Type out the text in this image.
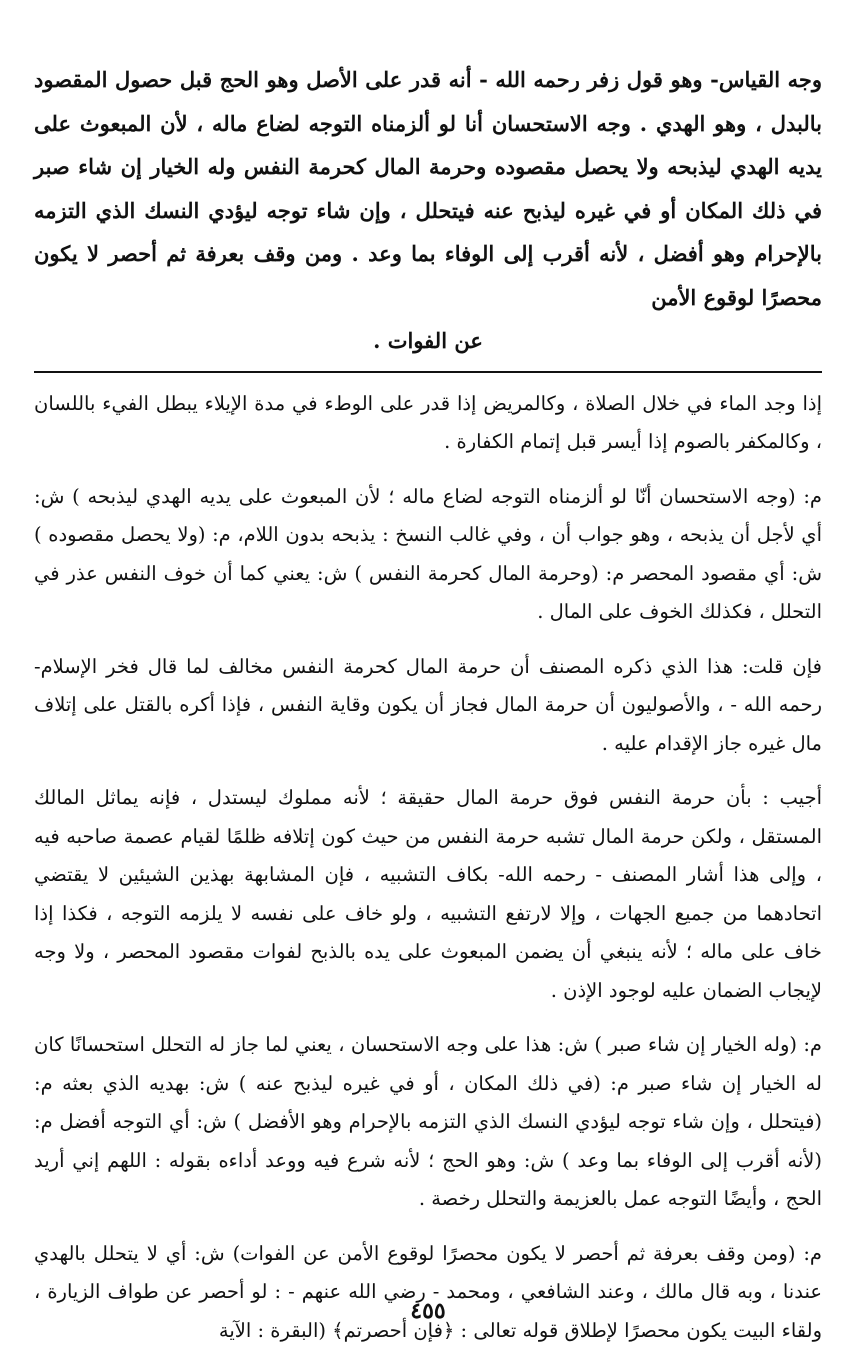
وجه القياس- وهو قول زفر رحمه الله - أنه قدر على الأصل وهو الحج قبل حصول المقصود بالبدل ، وهو الهدي . وجه الاستحسان أنا لو ألزمناه التوجه لضاع ماله ، لأن المبعوث على يديه الهدي ليذبحه ولا يحصل مقصوده وحرمة المال كحرمة النفس وله الخيار إن شاء صبر في ذلك المكان أو في غيره ليذبح عنه فيتحلل ، وإن شاء توجه ليؤدي النسك الذي التزمه بالإحرام وهو أفضل ، لأنه أقرب إلى الوفاء بما وعد . ومن وقف بعرفة ثم أحصر لا يكون محصرًا لوقوع الأمن
عن الفوات .

إذا وجد الماء في خلال الصلاة ، وكالمريض إذا قدر على الوطء في مدة الإيلاء يبطل الفيء باللسان ، وكالمكفر بالصوم إذا أيسر قبل إتمام الكفارة .

م: (وجه الاستحسان أنّا لو ألزمناه التوجه لضاع ماله ؛ لأن المبعوث على يديه الهدي ليذبحه ) ش: أي لأجل أن يذبحه ، وهو جواب أن ، وفي غالب النسخ : يذبحه بدون اللام، م: (ولا يحصل مقصوده ) ش: أي مقصود المحصر م: (وحرمة المال كحرمة النفس ) ش: يعني كما أن خوف النفس عذر في التحلل ، فكذلك الخوف على المال .

فإن قلت: هذا الذي ذكره المصنف أن حرمة المال كحرمة النفس مخالف لما قال فخر الإسلام- رحمه الله - ، والأصوليون أن حرمة المال فجاز أن يكون وقاية النفس ، فإذا أكره بالقتل على إتلاف مال غيره جاز الإقدام عليه .

أجيب : بأن حرمة النفس فوق حرمة المال حقيقة ؛ لأنه مملوك ليستدل ، فإنه يماثل المالك المستقل ، ولكن حرمة المال تشبه حرمة النفس من حيث كون إتلافه ظلمًا لقيام عصمة صاحبه فيه ، وإلى هذا أشار المصنف - رحمه الله- بكاف التشبيه ، فإن المشابهة بهذين الشيئين لا يقتضي اتحادهما من جميع الجهات ، وإلا لارتفع التشبيه ، ولو خاف على نفسه لا يلزمه التوجه ، فكذا إذا خاف على ماله ؛ لأنه ينبغي أن يضمن المبعوث على يده بالذبح لفوات مقصود المحصر ، ولا وجه لإيجاب الضمان عليه لوجود الإذن .

م: (وله الخيار إن شاء صبر ) ش: هذا على وجه الاستحسان ، يعني لما جاز له التحلل استحسانًا كان له الخيار إن شاء صبر م: (في ذلك المكان ، أو في غيره ليذبح عنه ) ش: بهديه الذي بعثه م: (فيتحلل ، وإن شاء توجه ليؤدي النسك الذي التزمه بالإحرام وهو الأفضل ) ش: أي التوجه أفضل م: (لأنه أقرب إلى الوفاء بما وعد ) ش: وهو الحج ؛ لأنه شرع فيه ووعد أداءه بقوله : اللهم إني أريد الحج ، وأيضًا التوجه عمل بالعزيمة والتحلل رخصة .

م: (ومن وقف بعرفة ثم أحصر لا يكون محصرًا لوقوع الأمن عن الفوات) ش: أي لا يتحلل بالهدي عندنا ، وبه قال مالك ، وعند الشافعي ، ومحمد - رضي الله عنهم - : لو أحصر عن طواف الزيارة ، ولقاء البيت يكون محصرًا لإطلاق قوله تعالى : ﴿فإن أحصرتم﴾ (البقرة : الآية

٤٥٥
